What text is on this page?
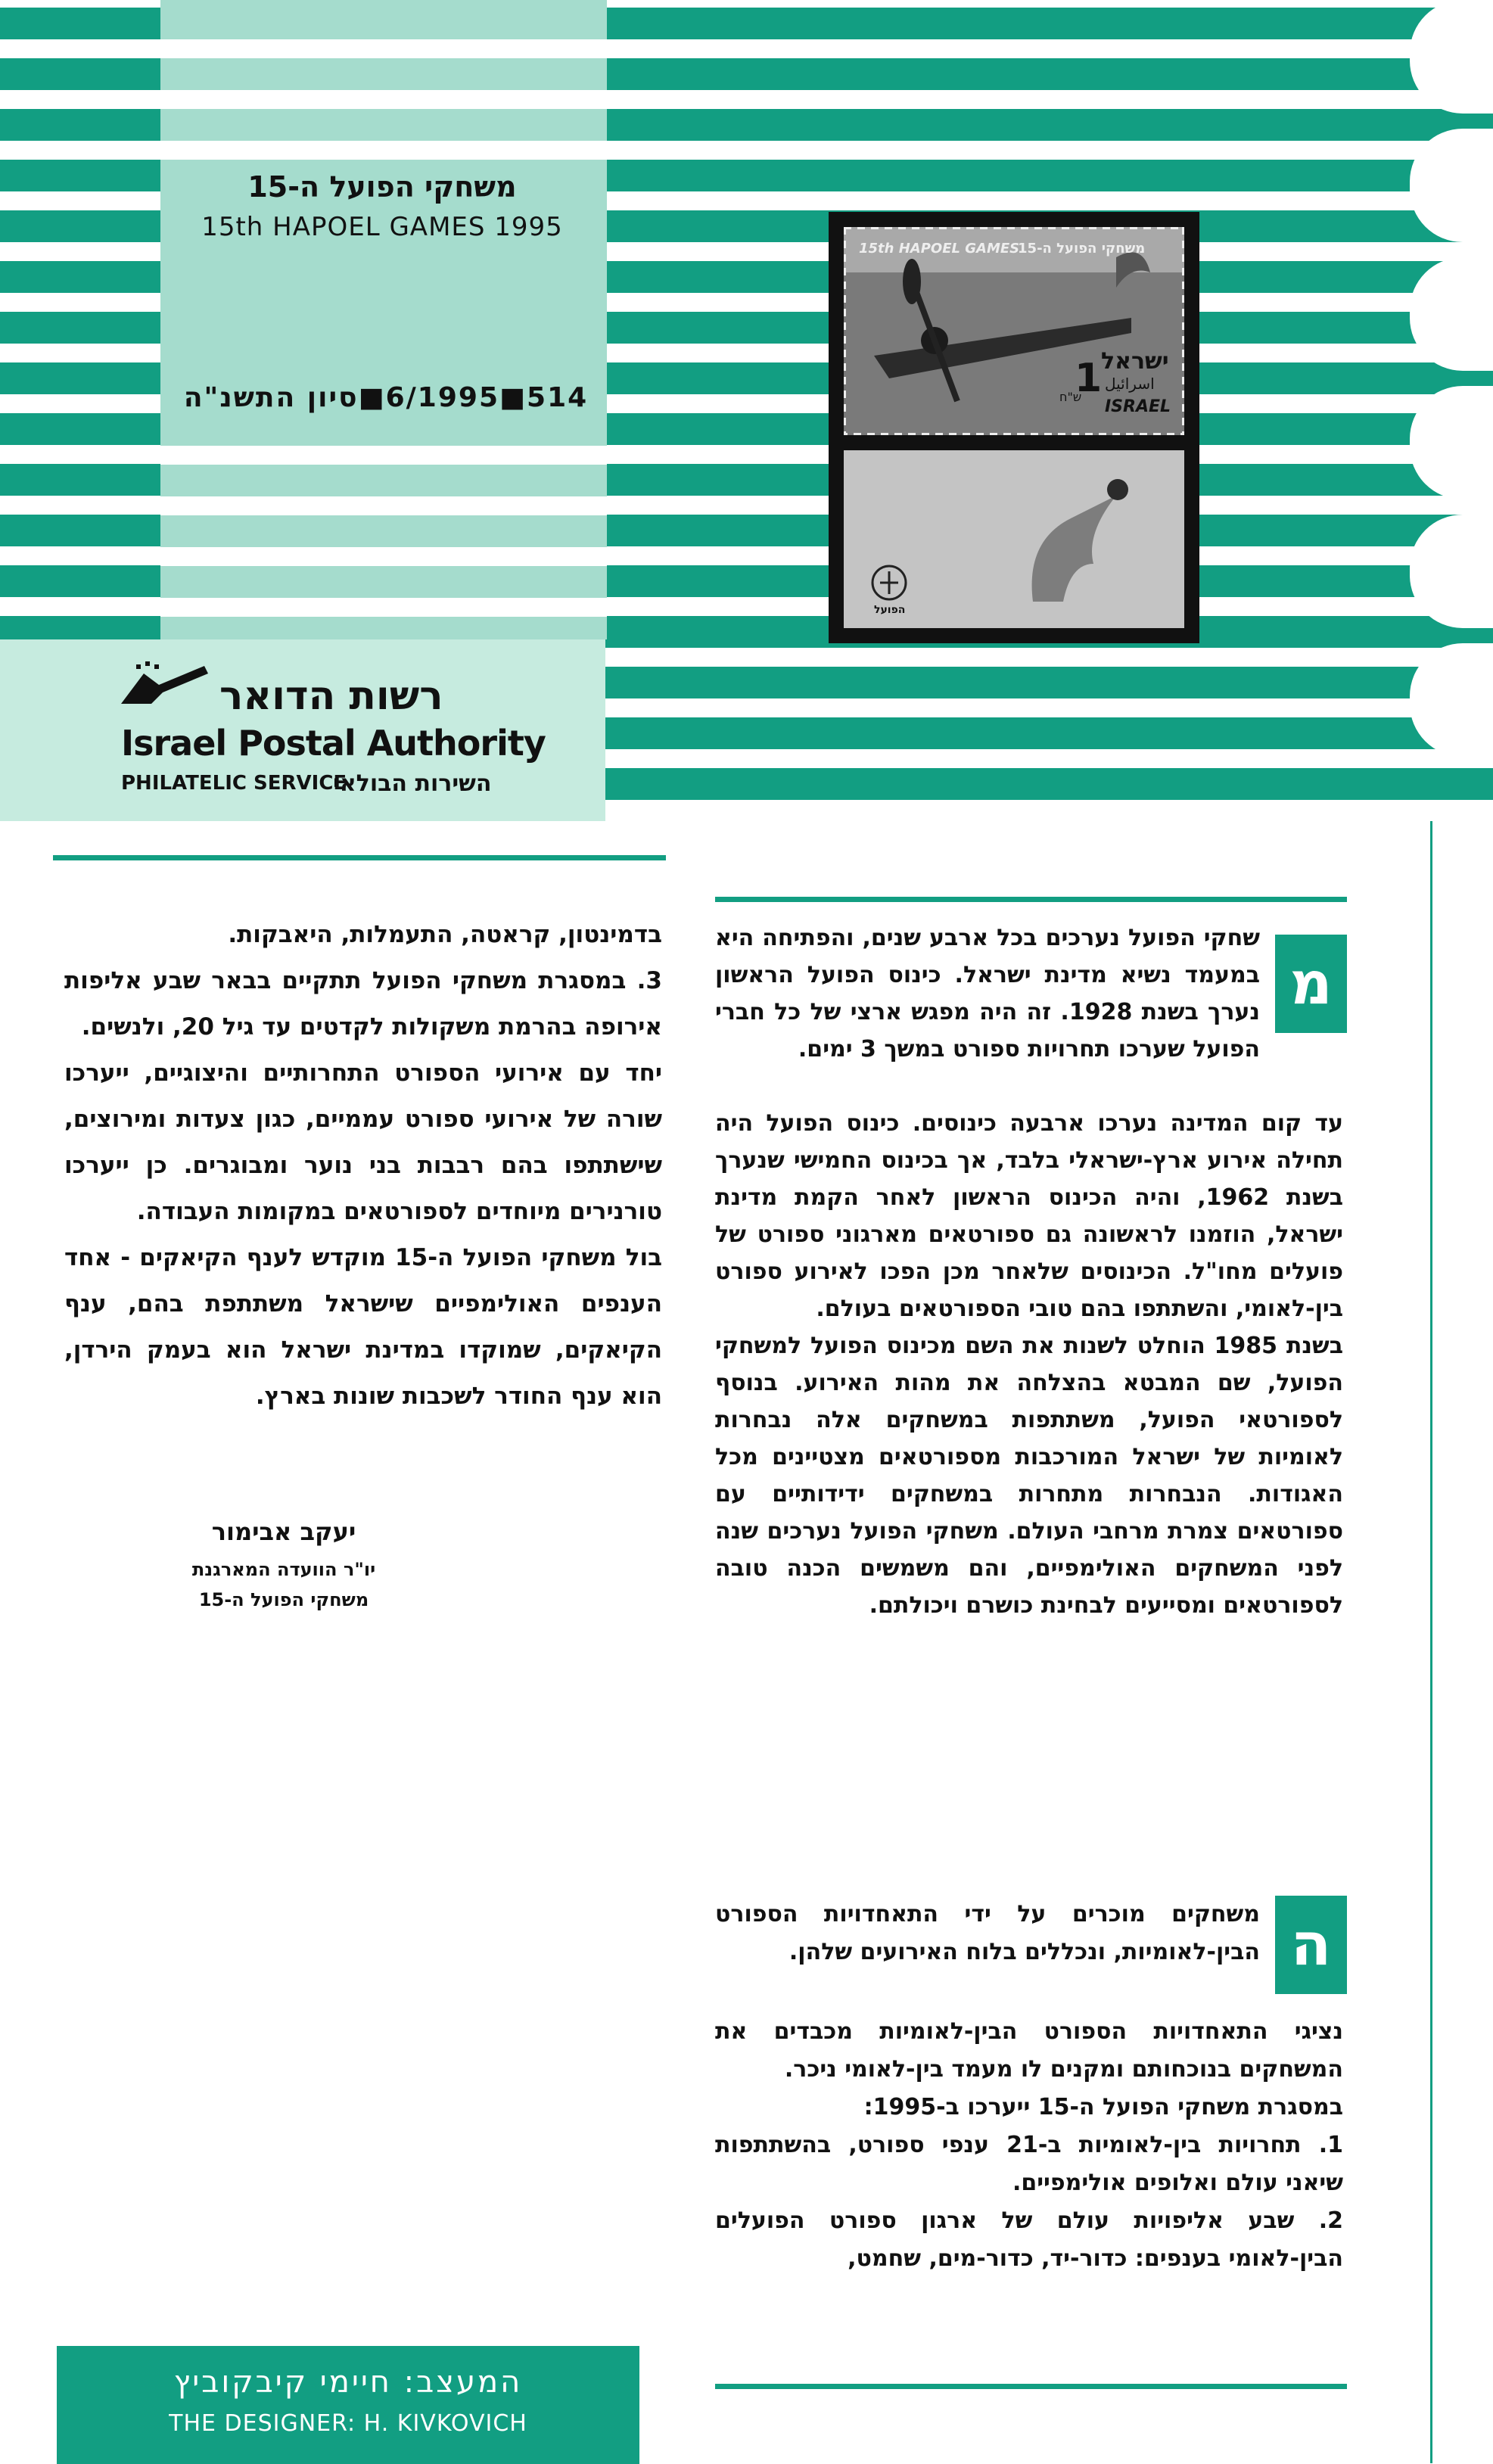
משחקי הפועל ה-15
15th HAPOEL GAMES 1995
514■6/1995■סיון התשנ"ה
15th HAPOEL GAMES
משחקי הפועל ה-15
ישראל
اسرائيل
ISRAEL
1
ש"ח
הפועל
רשות הדואר
Israel Postal Authority
PHILATELIC SERVICE
השירות הבולאי
מ

שחקי הפועל נערכים בכל ארבע שנים, והפתיחה היא במעמד נשיא מדינת ישראל. כינוס הפועל הראשון נערך בשנת 1928. זה היה מפגש ארצי של כל חברי הפועל שערכו תחרויות ספורט במשך 3 ימים.

עד קום המדינה נערכו ארבעה כינוסים. כינוס הפועל היה תחילה אירוע ארץ-ישראלי בלבד, אך בכינוס החמישי שנערך בשנת 1962, והיה הכינוס הראשון לאחר הקמת מדינת ישראל, הוזמנו לראשונה גם ספורטאים מארגוני ספורט של פועלים מחו"ל. הכינוסים שלאחר מכן הפכו לאירוע ספורט בין-לאומי, והשתתפו בהם טובי הספורטאים בעולם.

בשנת 1985 הוחלט לשנות את השם מכינוס הפועל למשחקי הפועל, שם המבטא בהצלחה את מהות האירוע. בנוסף לספורטאי הפועל, משתתפות במשחקים אלה נבחרות לאומיות של ישראל המורכבות מספורטאים מצטיינים מכל האגודות. הנבחרות מתחרות במשחקים ידידותיים עם ספורטאים צמרת מרחבי העולם. משחקי הפועל נערכים שנה לפני המשחקים האולימפיים, והם משמשים הכנה טובה לספורטאים ומסייעים לבחינת כושרם ויכולתם.

ה

משחקים מוכרים על ידי התאחדויות הספורט הבין-לאומיות, ונכללים בלוח האירועים שלהן.

נציגי התאחדויות הספורט הבין-לאומיות מכבדים את המשחקים בנוכחותם ומקנים לו מעמד בין-לאומי ניכר.

במסגרת משחקי הפועל ה-15 ייערכו ב-1995:

1. תחרויות בין-לאומיות ב-21 ענפי ספורט, בהשתתפות שיאני עולם ואלופים אולימפיים.

2. שבע אליפויות עולם של ארגון ספורט הפועלים הבין-לאומי בענפים: כדור-יד, כדור-מים, שחמט,

בדמינטון, קראטה, התעמלות, היאבקות.

3. במסגרת משחקי הפועל תתקיים בבאר שבע אליפות אירופה בהרמת משקולות לקדטים עד גיל 20, ולנשים.

יחד עם אירועי הספורט התחרותיים והיצוגיים, ייערכו שורה של אירועי ספורט עממיים, כגון צעדות ומירוצים, שישתתפו בהם רבבות בני נוער ומבוגרים. כן ייערכו טורנירים מיוחדים לספורטאים במקומות העבודה.

בול משחקי הפועל ה-15 מוקדש לענף הקיאקים - אחד הענפים האולימפיים שישראל משתתפת בהם, ענף הקיאקים, שמוקדו במדינת ישראל הוא בעמק הירדן, הוא ענף החודר לשכבות שונות בארץ.

יעקב אבימור
יו"ר הוועדה המארגנת
משחקי הפועל ה-15
המעצב: חיימי קיבקוביץ
THE DESIGNER: H. KIVKOVICH
